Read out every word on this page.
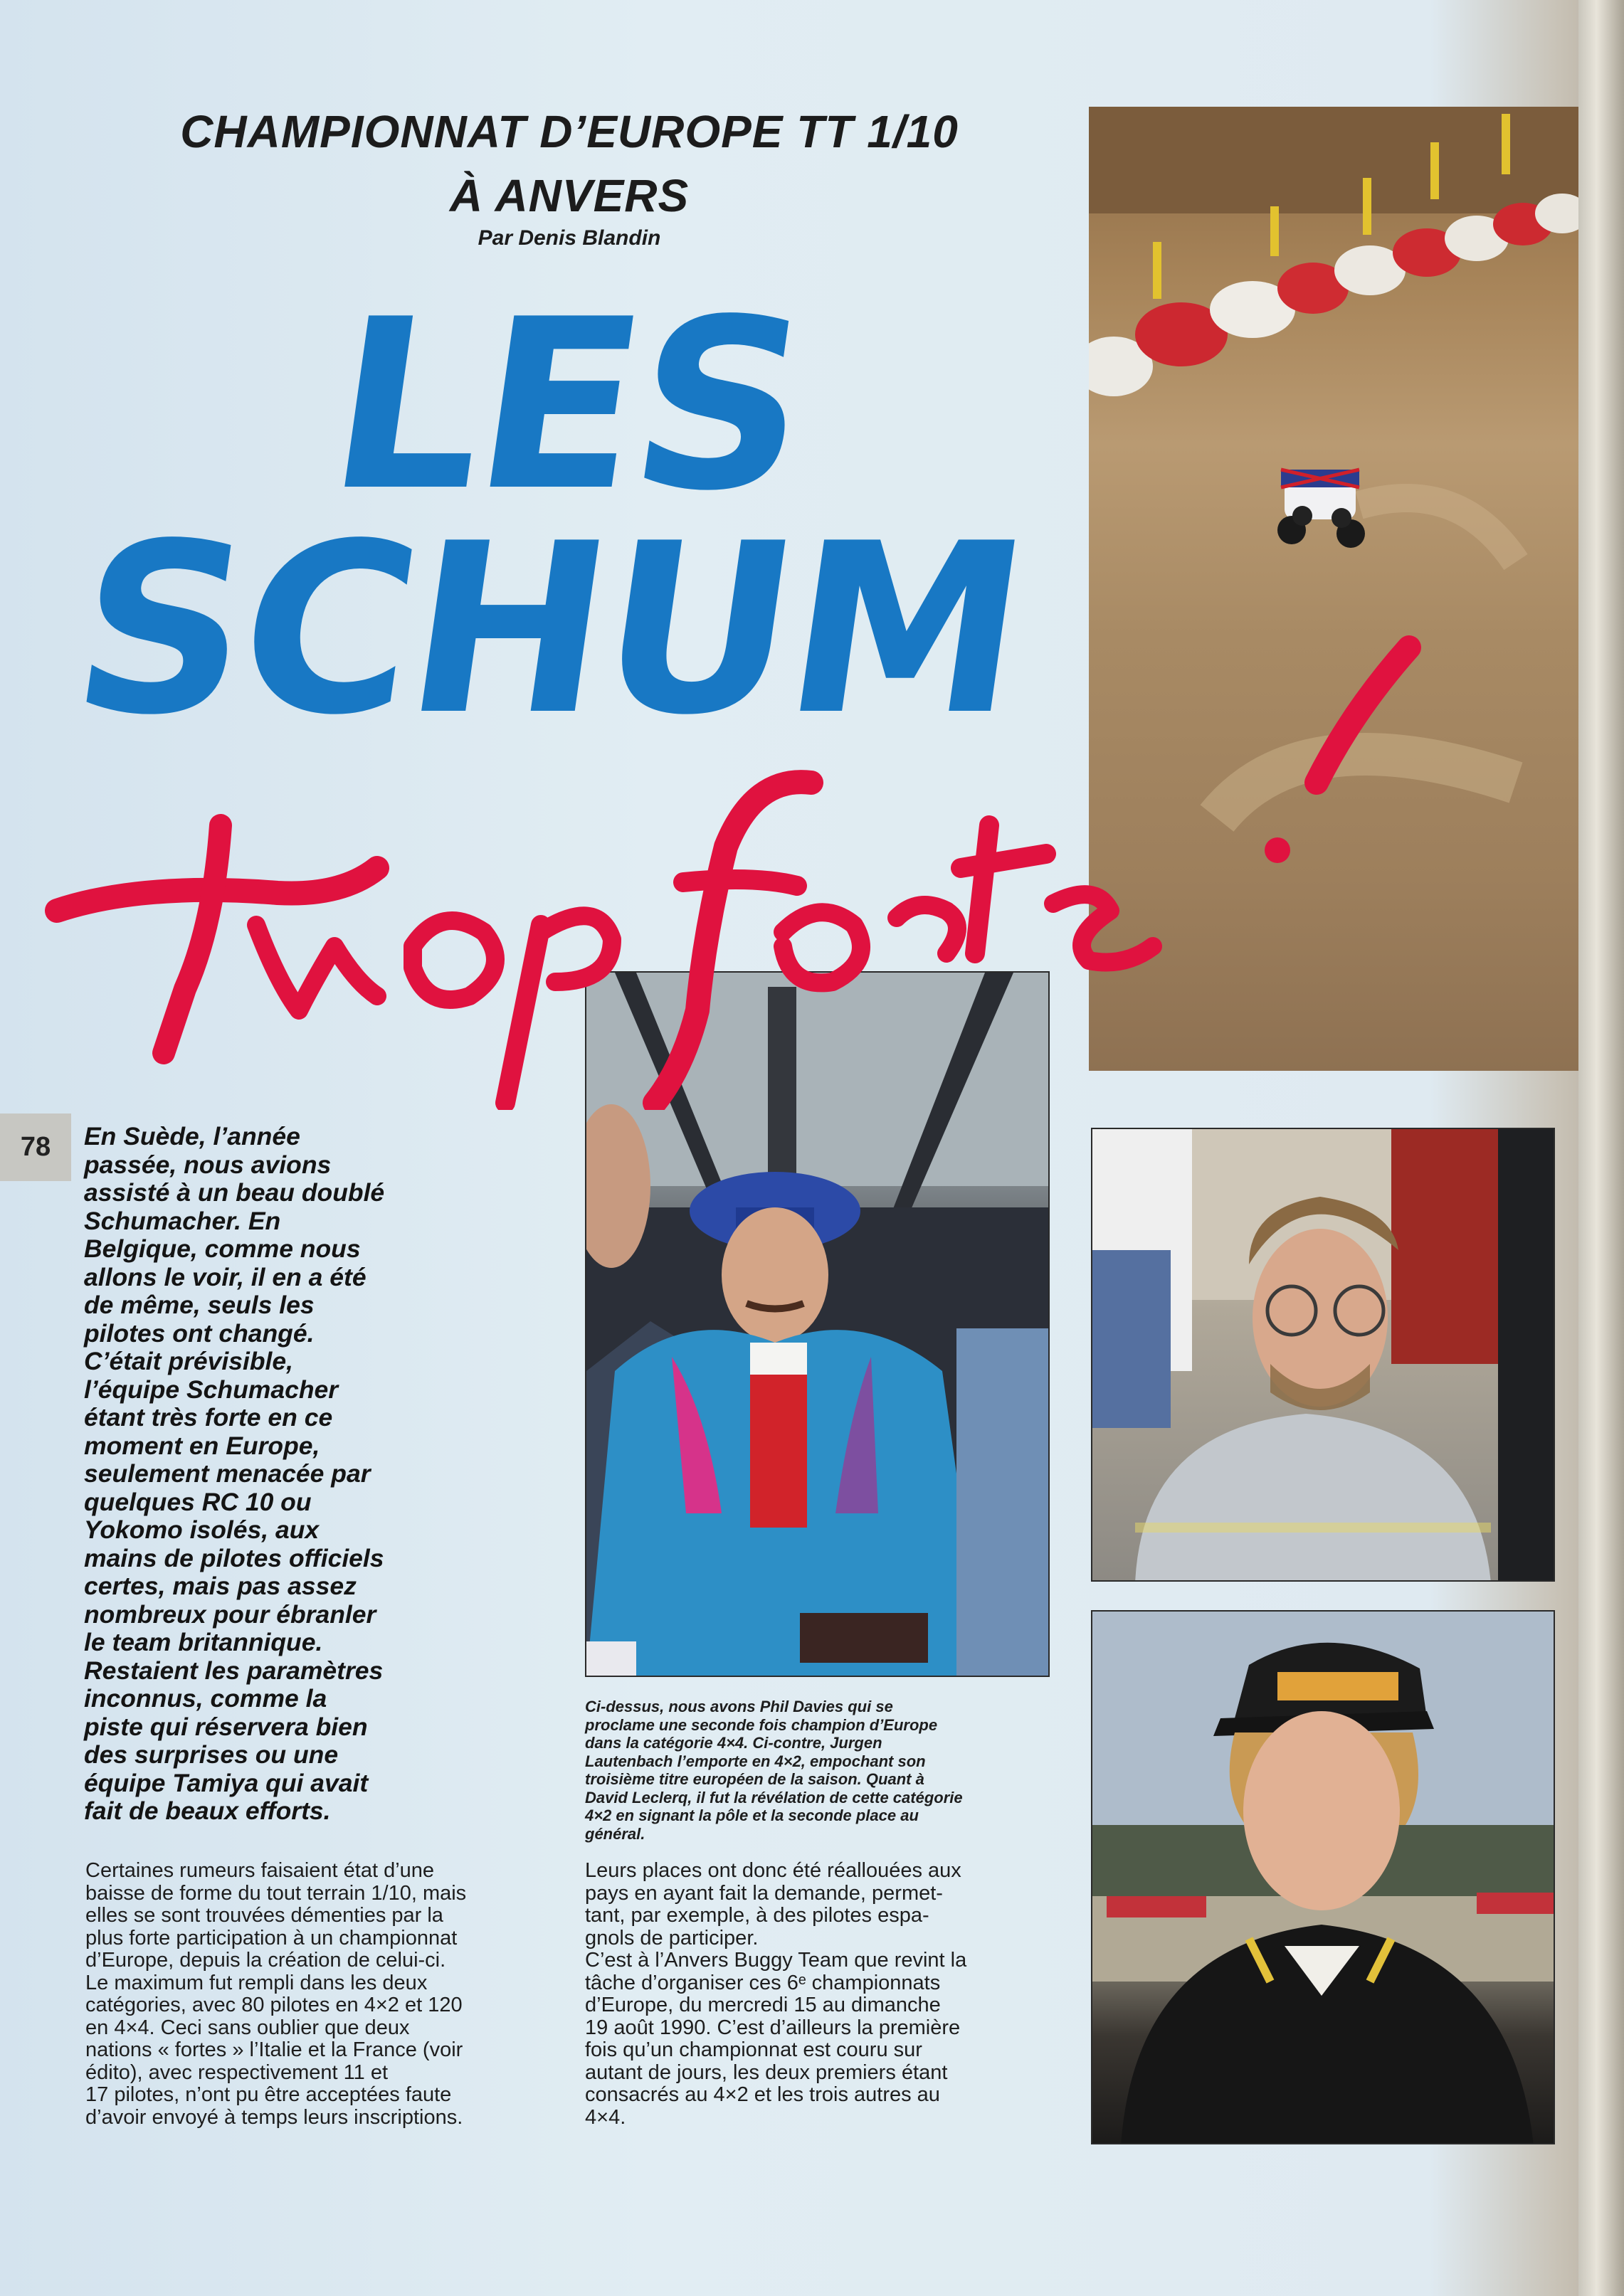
CHAMPIONNAT D’EUROPE TT 1/10
À ANVERS
Par Denis Blandin
LES
SCHUM
78	En Suède, l’année
passée, nous avions
assisté à un beau doublé
Schumacher. En
Belgique, comme nous
allons le voir, il en a été
de même, seuls les
pilotes ont changé.
C’était prévisible,
l’équipe Schumacher
étant très forte en ce
moment en Europe,
seulement menacée par
quelques RC 10 ou
Yokomo isolés, aux
mains de pilotes officiels
certes, mais pas assez
nombreux pour ébranler
le team britannique.
Restaient les paramètres
inconnus, comme la
piste qui réservera bien
des surprises ou une
équipe Tamiya qui avait
fait de beaux efforts.
Ci-dessus, nous avons Phil Davies qui se
proclame une seconde fois champion d’Europe
dans la catégorie 4×4. Ci-contre, Jurgen
Lautenbach l’emporte en 4×2, empochant son
troisième titre européen de la saison. Quant à
David Leclerq, il fut la révélation de cette catégorie
4×2 en signant la pôle et la seconde place au
général.
Certaines rumeurs faisaient état d’une
baisse de forme du tout terrain 1/10, mais
elles se sont trouvées démenties par la
plus forte participation à un championnat
d’Europe, depuis la création de celui-ci.
Le maximum fut rempli dans les deux
catégories, avec 80 pilotes en 4×2 et 120
en 4×4. Ceci sans oublier que deux
nations « fortes » l’Italie et la France (voir
édito), avec respectivement 11 et
17 pilotes, n’ont pu être acceptées faute
d’avoir envoyé à temps leurs inscriptions.
Leurs places ont donc été réallouées aux
pays en ayant fait la demande, permet-
tant, par exemple, à des pilotes espa-
gnols de participer.
C’est à l’Anvers Buggy Team que revint la
tâche d’organiser ces 6ᵉ championnats
d’Europe, du mercredi 15 au dimanche
19 août 1990. C’est d’ailleurs la première
fois qu’un championnat est couru sur
autant de jours, les deux premiers étant
consacrés au 4×2 et les trois autres au
4×4.
